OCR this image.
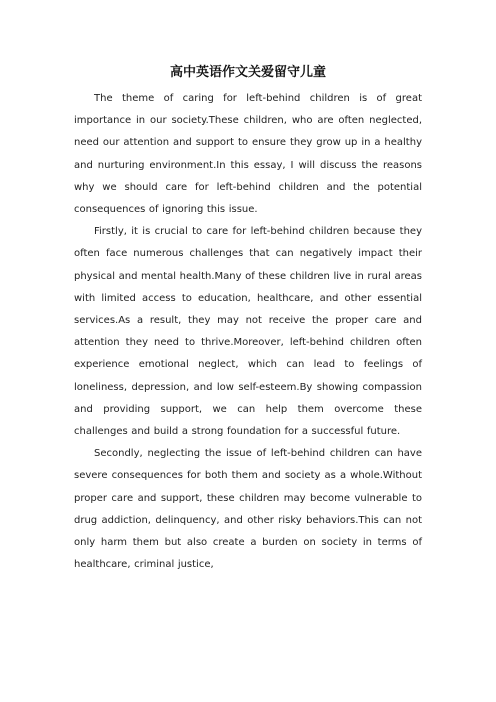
高中英语作文关爱留守儿童

The theme of caring for left-behind children is of great importance in our society.These children, who are often neglected, need our attention and support to ensure they grow up in a healthy and nurturing environment.In this essay, I will discuss the reasons why we should care for left-behind children and the potential consequences of ignoring this issue.

Firstly, it is crucial to care for left-behind children because they often face numerous challenges that can negatively impact their physical and mental health.Many of these children live in rural areas with limited access to education, healthcare, and other essential services.As a result, they may not receive the proper care and attention they need to thrive.Moreover, left-behind children often experience emotional neglect, which can lead to feelings of loneliness, depression, and low self-esteem.By showing compassion and providing support, we can help them overcome these challenges and build a strong foundation for a successful future.

Secondly, neglecting the issue of left-behind children can have severe consequences for both them and society as a whole.Without proper care and support, these children may become vulnerable to drug addiction, delinquency, and other risky behaviors.This can not only harm them but also create a burden on society in terms of healthcare, criminal justice,
